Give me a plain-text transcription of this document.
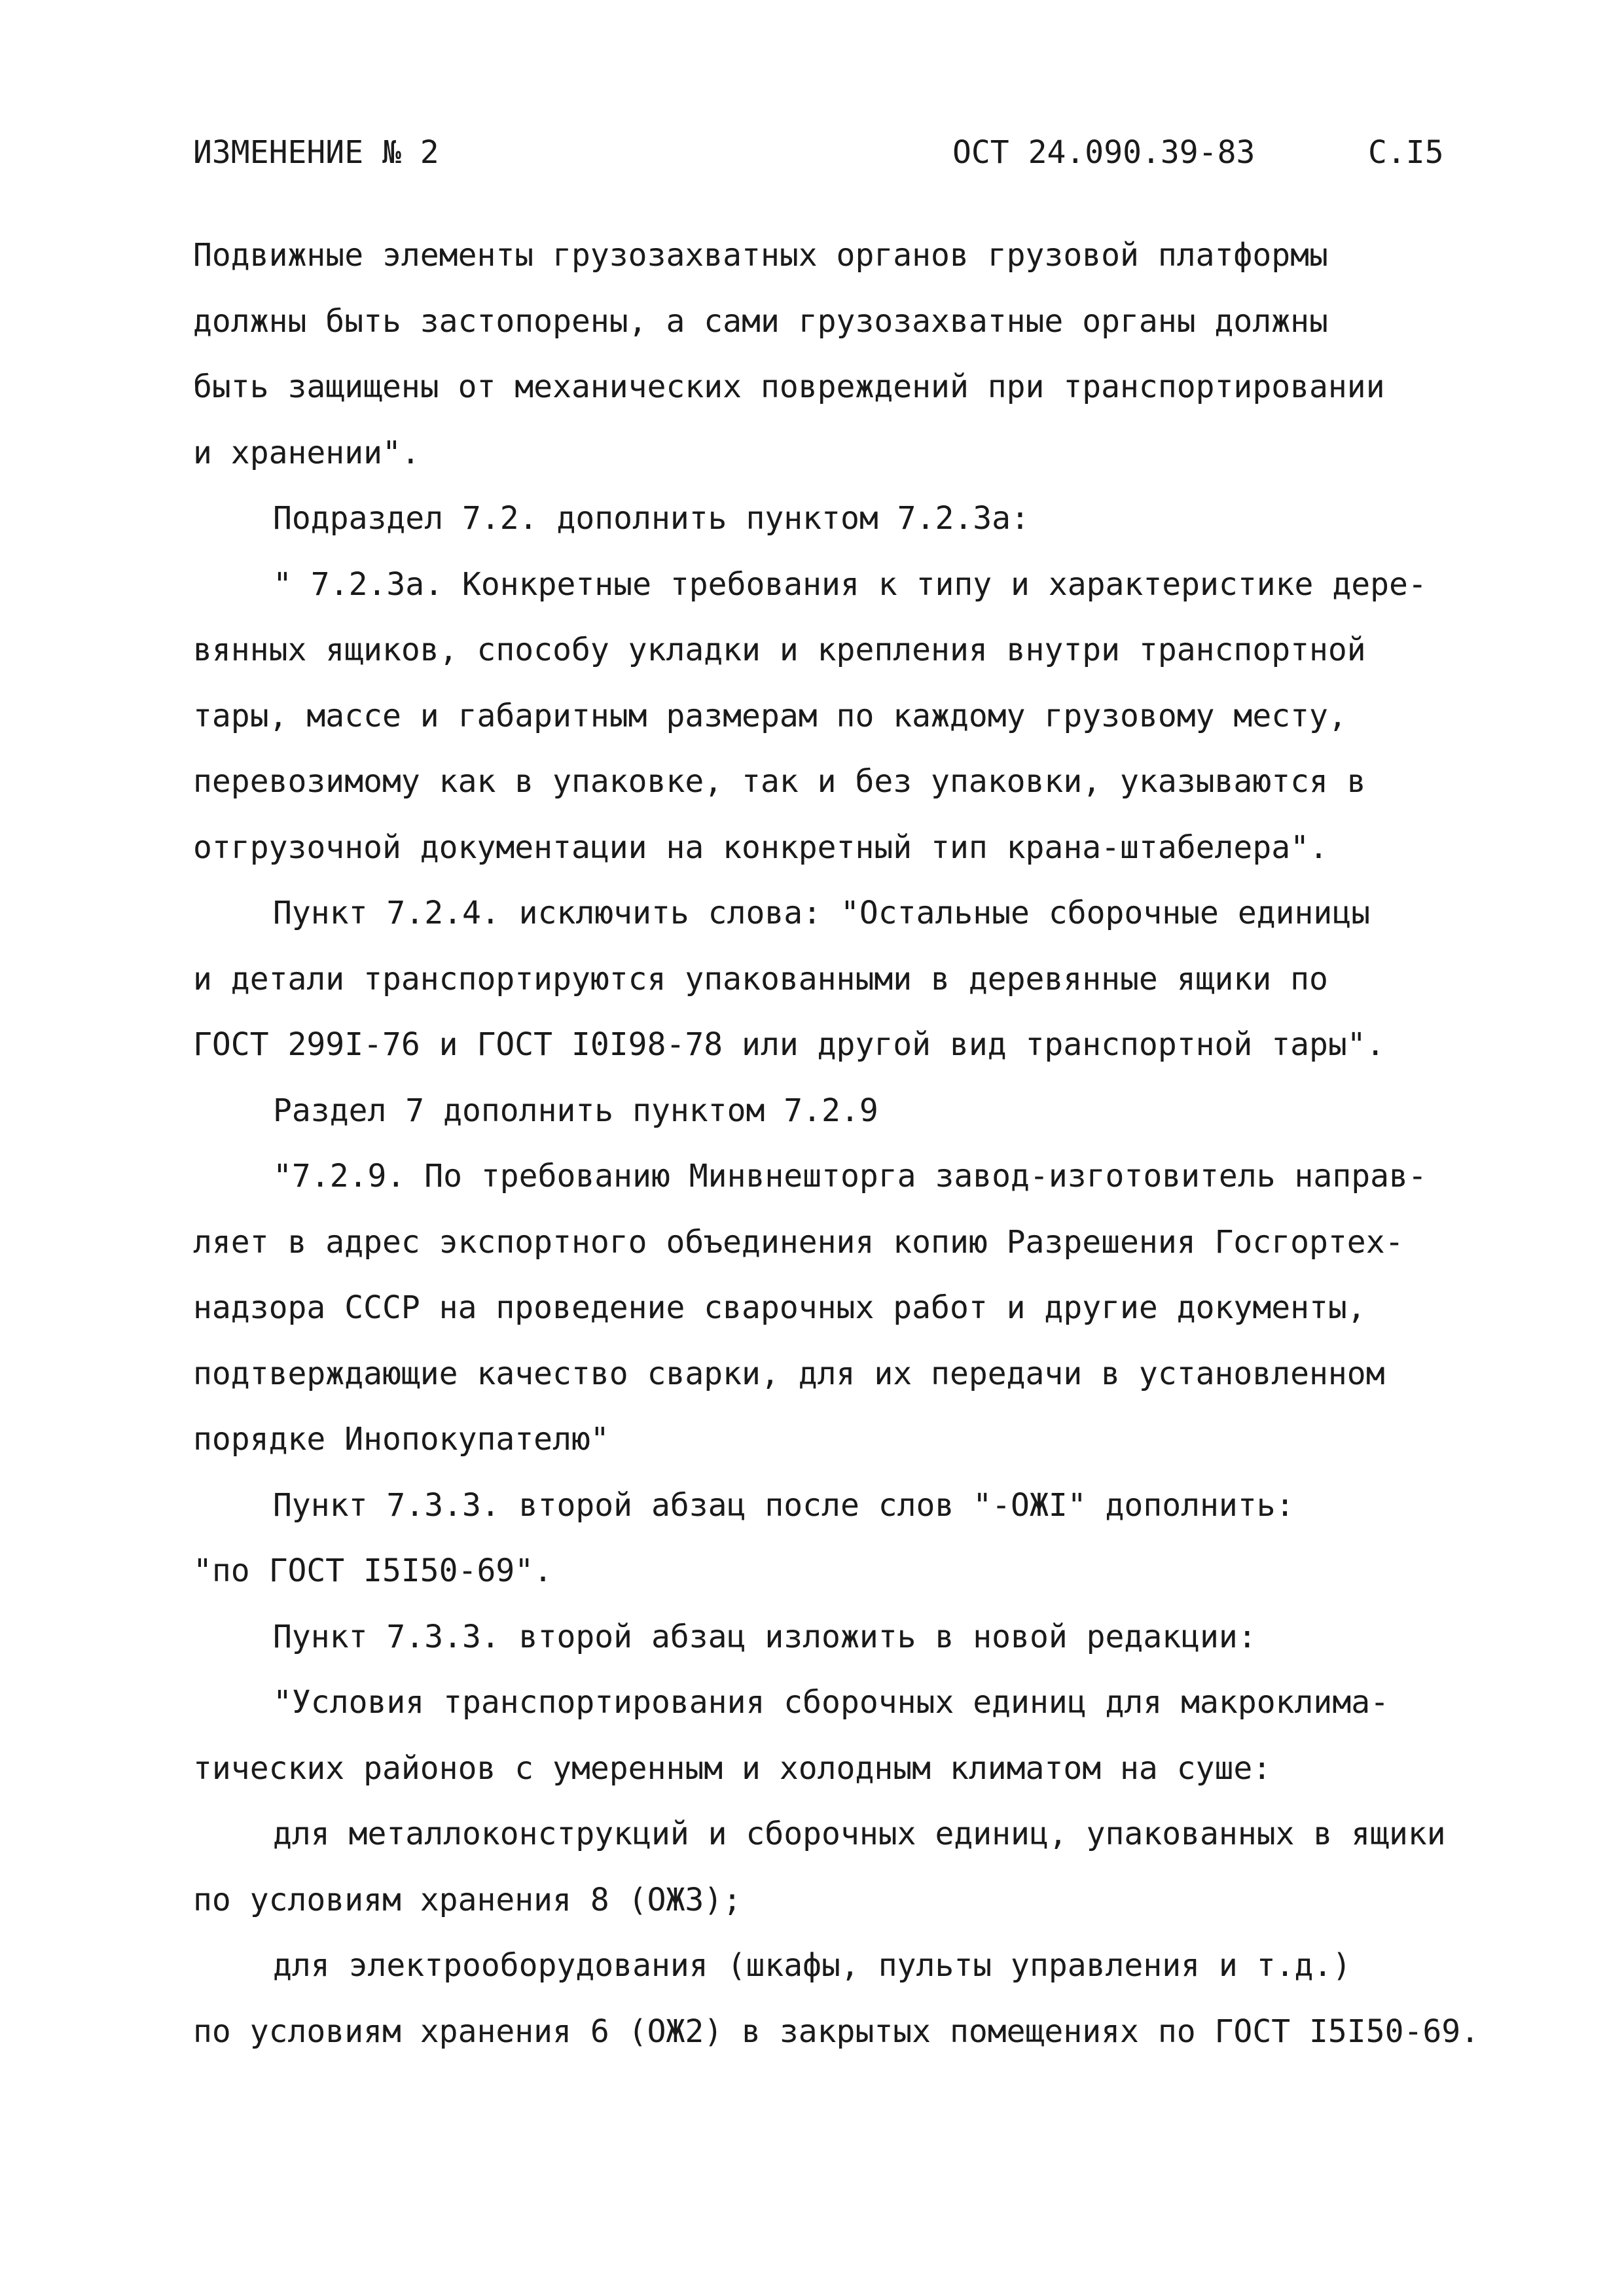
ИЗМЕНЕНИЕ № 2	ОСТ 24.090.39-83	С.I5
Подвижные элементы грузозахватных органов грузовой платформы
должны быть застопорены, а сами грузозахватные органы должны
быть защищены от механических повреждений при транспортировании
и хранении".
Подраздел 7.2. дополнить пунктом 7.2.3а:
" 7.2.3а. Конкретные требования к типу и характеристике дере-
вянных ящиков, способу укладки и крепления внутри транспортной
тары, массе и габаритным размерам по каждому грузовому месту,
перевозимому как в упаковке, так и без упаковки, указываются в
отгрузочной документации на конкретный тип крана-штабелера".
Пункт 7.2.4. исключить слова: "Остальные сборочные единицы
и детали транспортируются упакованными в деревянные ящики по
ГОСТ 299I-76 и ГОСТ I0I98-78 или другой вид транспортной тары".
Раздел 7 дополнить пунктом 7.2.9
"7.2.9. По требованию Минвнешторга завод-изготовитель направ-
ляет в адрес экспортного объединения копию Разрешения Госгортех-
надзора СССР на проведение сварочных работ и другие документы,
подтверждающие качество сварки, для их передачи в установленном
порядке Инопокупателю"
Пункт 7.3.3. второй абзац после слов "-ОЖI" дополнить:
"по ГОСТ I5I50-69".
Пункт 7.3.3. второй абзац изложить в новой редакции:
"Условия транспортирования сборочных единиц для макроклима-
тических районов с умеренным и холодным климатом на суше:
для металлоконструкций и сборочных единиц, упакованных в ящики
по условиям хранения 8 (ОЖ3);
для электрооборудования (шкафы, пульты управления и т.д.)
по условиям хранения 6 (ОЖ2) в закрытых помещениях по ГОСТ I5I50-69.
